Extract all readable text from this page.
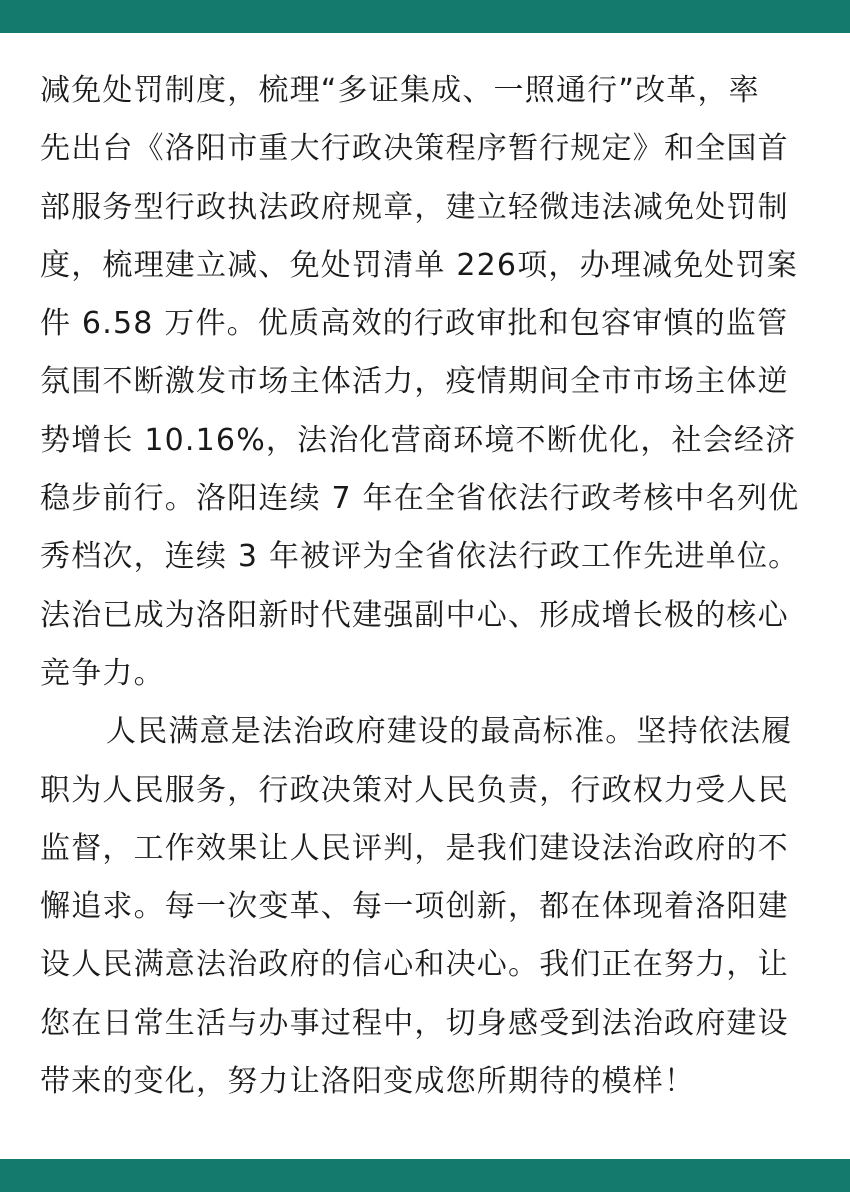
减免处罚制度，梳理“多证集成、一照通行”改革，率
先出台《洛阳市重大行政决策程序暂行规定》和全国首
部服务型行政执法政府规章，建立轻微违法减免处罚制
度，梳理建立减、免处罚清单 226项，办理减免处罚案
件 6.58 万件。优质高效的行政审批和包容审慎的监管
氛围不断激发市场主体活力，疫情期间全市市场主体逆
势增长 10.16%，法治化营商环境不断优化，社会经济
稳步前行。洛阳连续 7 年在全省依法行政考核中名列优
秀档次，连续 3 年被评为全省依法行政工作先进单位。
法治已成为洛阳新时代建强副中心、形成增长极的核心
竞争力。
人民满意是法治政府建设的最高标准。坚持依法履
职为人民服务，行政决策对人民负责，行政权力受人民
监督，工作效果让人民评判，是我们建设法治政府的不
懈追求。每一次变革、每一项创新，都在体现着洛阳建
设人民满意法治政府的信心和决心。我们正在努力，让
您在日常生活与办事过程中，切身感受到法治政府建设
带来的变化，努力让洛阳变成您所期待的模样！
